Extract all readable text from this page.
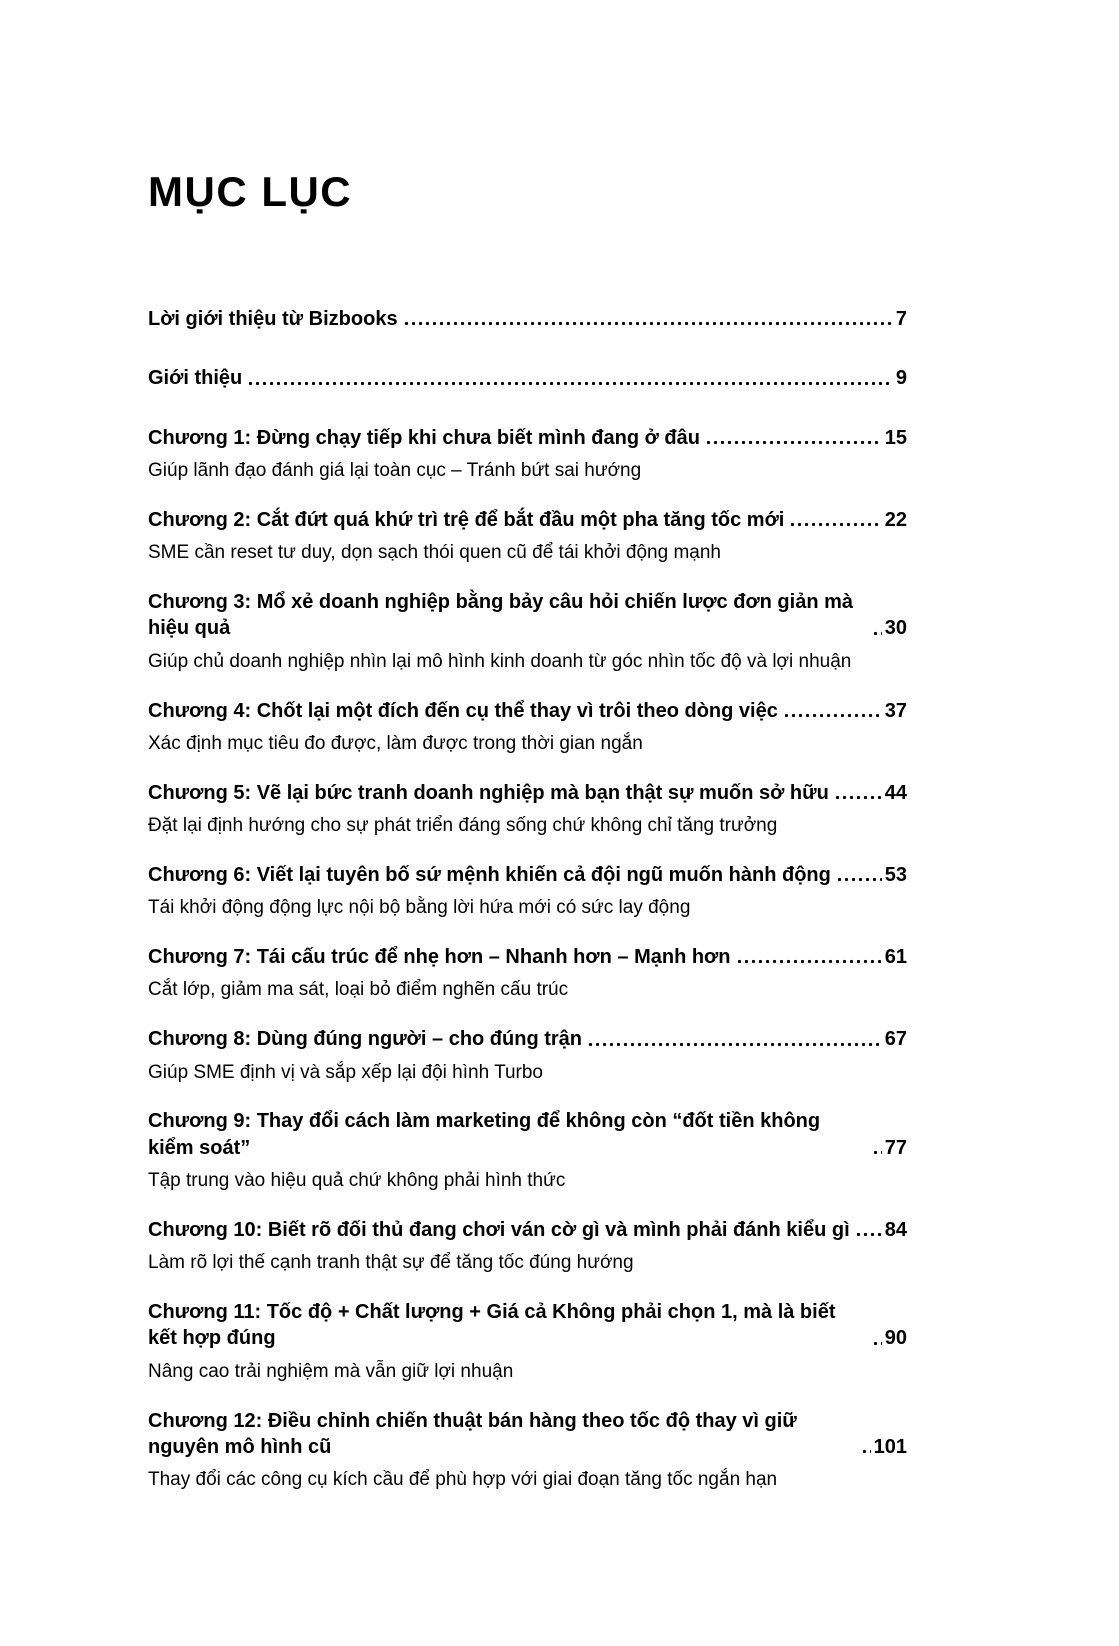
MỤC LỤC
Lời giới thiệu từ Bizbooks	7
Giới thiệu	9
Chương 1: Đừng chạy tiếp khi chưa biết mình đang ở đâu	15
Giúp lãnh đạo đánh giá lại toàn cục – Tránh bứt sai hướng
Chương 2: Cắt đứt quá khứ trì trệ để bắt đầu một pha tăng tốc mới	22
SME cần reset tư duy, dọn sạch thói quen cũ để tái khởi động mạnh
Chương 3: Mổ xẻ doanh nghiệp bằng bảy câu hỏi chiến lược đơn giản mà hiệu quả	30
Giúp chủ doanh nghiệp nhìn lại mô hình kinh doanh từ góc nhìn tốc độ và lợi nhuận
Chương 4: Chốt lại một đích đến cụ thể thay vì trôi theo dòng việc	37
Xác định mục tiêu đo được, làm được trong thời gian ngắn
Chương 5: Vẽ lại bức tranh doanh nghiệp mà bạn thật sự muốn sở hữu	44
Đặt lại định hướng cho sự phát triển đáng sống chứ không chỉ tăng trưởng
Chương 6: Viết lại tuyên bố sứ mệnh khiến cả đội ngũ muốn hành động	53
Tái khởi động động lực nội bộ bằng lời hứa mới có sức lay động
Chương 7: Tái cấu trúc để nhẹ hơn – Nhanh hơn – Mạnh hơn	61
Cắt lớp, giảm ma sát, loại bỏ điểm nghẽn cấu trúc
Chương 8: Dùng đúng người – cho đúng trận	67
Giúp SME định vị và sắp xếp lại đội hình Turbo
Chương 9: Thay đổi cách làm marketing để không còn “đốt tiền không kiểm soát”	77
Tập trung vào hiệu quả chứ không phải hình thức
Chương 10: Biết rõ đối thủ đang chơi ván cờ gì và mình phải đánh kiểu gì 84
Làm rõ lợi thế cạnh tranh thật sự để tăng tốc đúng hướng
Chương 11: Tốc độ + Chất lượng + Giá cả Không phải chọn 1, mà là biết kết hợp đúng	90
Nâng cao trải nghiệm mà vẫn giữ lợi nhuận
Chương 12: Điều chỉnh chiến thuật bán hàng theo tốc độ thay vì giữ nguyên mô hình cũ	101
Thay đổi các công cụ kích cầu để phù hợp với giai đoạn tăng tốc ngắn hạn
